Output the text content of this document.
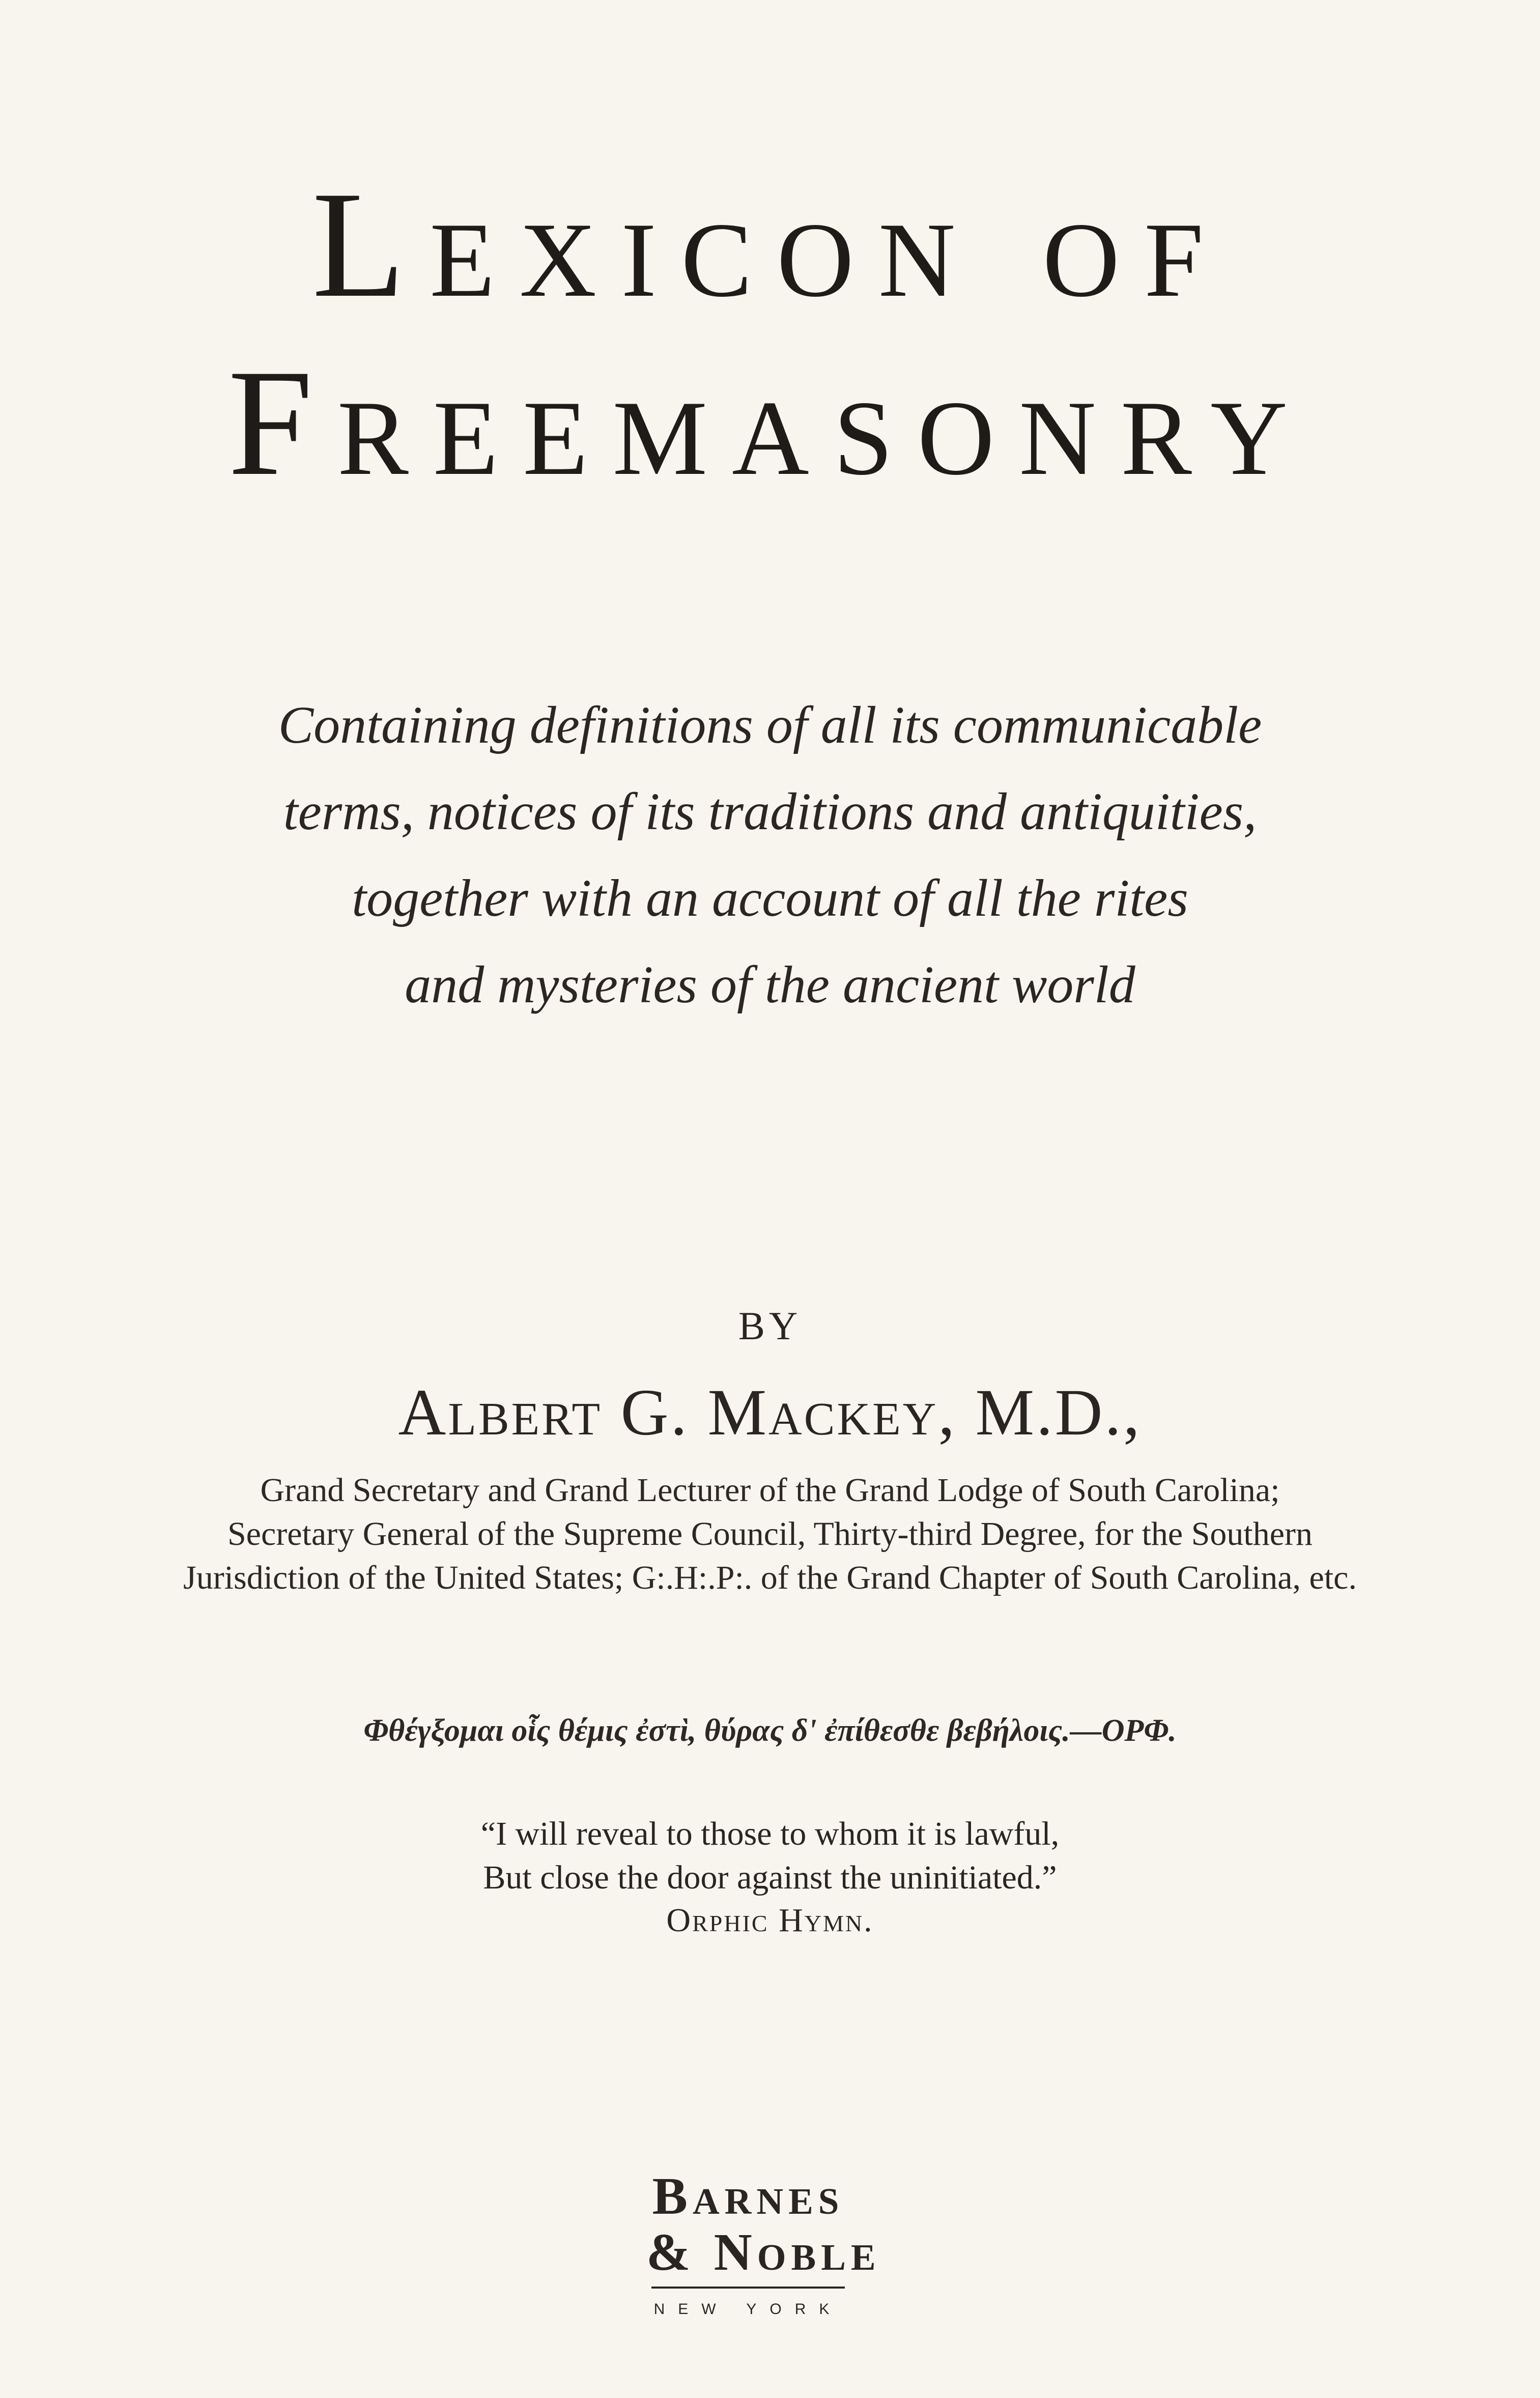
Lexicon of
Freemasonry
Containing definitions of all its communicable
terms, notices of its traditions and antiquities,
together with an account of all the rites
and mysteries of the ancient world
BY
Albert G. Mackey, M.D.,
Grand Secretary and Grand Lecturer of the Grand Lodge of South Carolina;
Secretary General of the Supreme Council, Thirty-third Degree, for the Southern
Jurisdiction of the United States; G:.H:.P:. of the Grand Chapter of South Carolina, etc.
Φθέγξομαι οἷς θέμις ἐστὶ, θύρας δ' ἐπίθεσθε βεβήλοις.—ΟΡΦ.
“I will reveal to those to whom it is lawful,
But close the door against the uninitiated.”
Orphic Hymn.
Barnes
& Noble
NEW YORK
